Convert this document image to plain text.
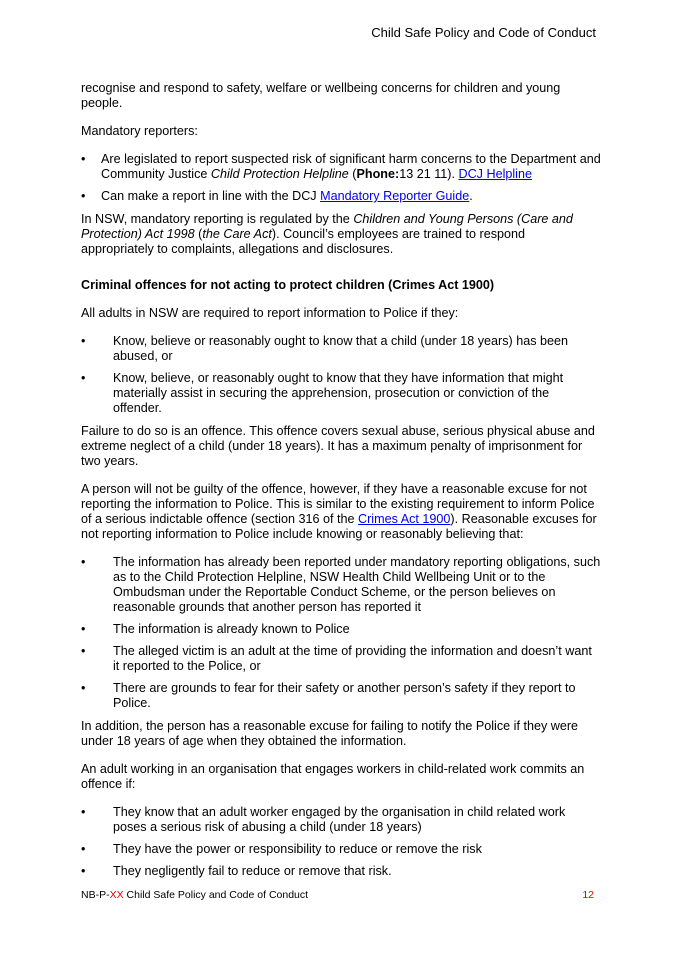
Child Safe Policy and Code of Conduct

recognise and respond to safety, welfare or wellbeing concerns for children and young people.

Mandatory reporters:

•
Are legislated to report suspected risk of significant harm concerns to the Department and Community Justice Child Protection Helpline (Phone:13 21 11). DCJ Helpline
•
Can make a report in line with the DCJ Mandatory Reporter Guide.

In NSW, mandatory reporting is regulated by the Children and Young Persons (Care and Protection) Act 1998 (the Care Act). Council’s employees are trained to respond appropriately to complaints, allegations and disclosures.

Criminal offences for not acting to protect children (Crimes Act 1900)

All adults in NSW are required to report information to Police if they:

•
Know, believe or reasonably ought to know that a child (under 18 years) has been abused, or
•
Know, believe, or reasonably ought to know that they have information that might materially assist in securing the apprehension, prosecution or conviction of the offender.

Failure to do so is an offence. This offence covers sexual abuse, serious physical abuse and extreme neglect of a child (under 18 years). It has a maximum penalty of imprisonment for two years.

A person will not be guilty of the offence, however, if they have a reasonable excuse for not reporting the information to Police. This is similar to the existing requirement to inform Police of a serious indictable offence (section 316 of the Crimes Act 1900). Reasonable excuses for not reporting information to Police include knowing or reasonably believing that:

•
The information has already been reported under mandatory reporting obligations, such as to the Child Protection Helpline, NSW Health Child Wellbeing Unit or to the Ombudsman under the Reportable Conduct Scheme, or the person believes on reasonable grounds that another person has reported it
•
The information is already known to Police
•
The alleged victim is an adult at the time of providing the information and doesn’t want it reported to the Police, or
•
There are grounds to fear for their safety or another person’s safety if they report to Police.

In addition, the person has a reasonable excuse for failing to notify the Police if they were under 18 years of age when they obtained the information.

An adult working in an organisation that engages workers in child-related work commits an offence if:

•
They know that an adult worker engaged by the organisation in child related work poses a serious risk of abusing a child (under 18 years)
•
They have the power or responsibility to reduce or remove the risk
•
They negligently fail to reduce or remove that risk.
NB-P-XX Child Safe Policy and Code of Conduct	12
